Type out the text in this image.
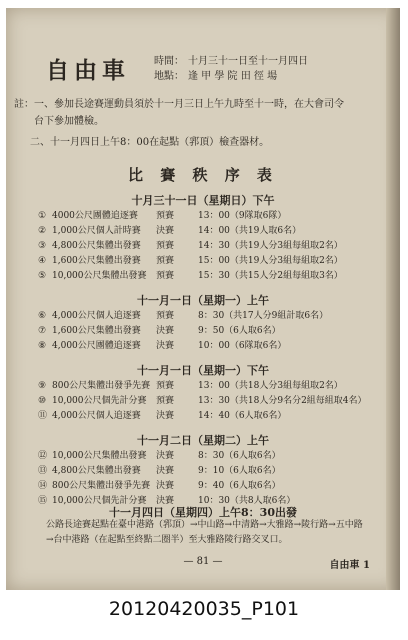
自由車 時間： 十月三十一日至十一月四日
地點： 逢 甲 學 院 田 徑 場
註：一、參加長途賽運動員須於十一月三日上午九時至十一時，在大會司令
台下參加體檢。
二、十一月四日上午8：00在起點（郛頂）檢查器材。
比 賽 秩 序 表
十月三十一日（星期日）下午
① 4000公尺團體追逐賽	預賽	13：00（9隊取6隊）
② 1,000公尺個人計時賽	決賽	14：00（共19人取6名）
③ 4,800公尺集體出發賽	預賽	14：30（共19人分3組每組取2名）
④ 1,600公尺集體出發賽	預賽	15：00（共19人分3組每組取2名）
⑤ 10,000公尺集體出發賽	預賽	15：30（共15人分2組每組取3名）
十一月一日（星期一）上午
⑥ 4,000公尺個人追逐賽	預賽	8：30（共17人分9組計取6名）
⑦ 1,600公尺集體出發賽	決賽	9：50（6人取6名）
⑧ 4,000公尺團體追逐賽	決賽	10：00（6隊取6名）
十一月一日（星期一）下午
⑨ 800公尺集體出發爭先賽 預賽	13：00（共18人分3組每組取2名）
⑩ 10,000公尺個先計分賽	預賽	13：30（共18人分9名分2組每組取4名）
⑪ 4,000公尺個人追逐賽	決賽	14：40（6人取6名）
十一月二日（星期二）上午
⑫ 10,000公尺集體出發賽	決賽	8：30（6人取6名）
⑬ 4,800公尺集體出發賽	決賽	9：10（6人取6名）
⑭ 800公尺集體出發爭先賽 決賽	9：40（6人取6名）
⑮ 10,000公尺個先計分賽	決賽	10：30（共8人取6名）
十一月四日（星期四）上午8：30出發
公路長途賽起點在臺中港路（郛頂）→中山路→中清路→大雅路→陵行路→五中路
→台中港路（在起點至終點二圈半）至大雅路陵行路交叉口。
— 81 —	自由車 1
20120420035_P101
